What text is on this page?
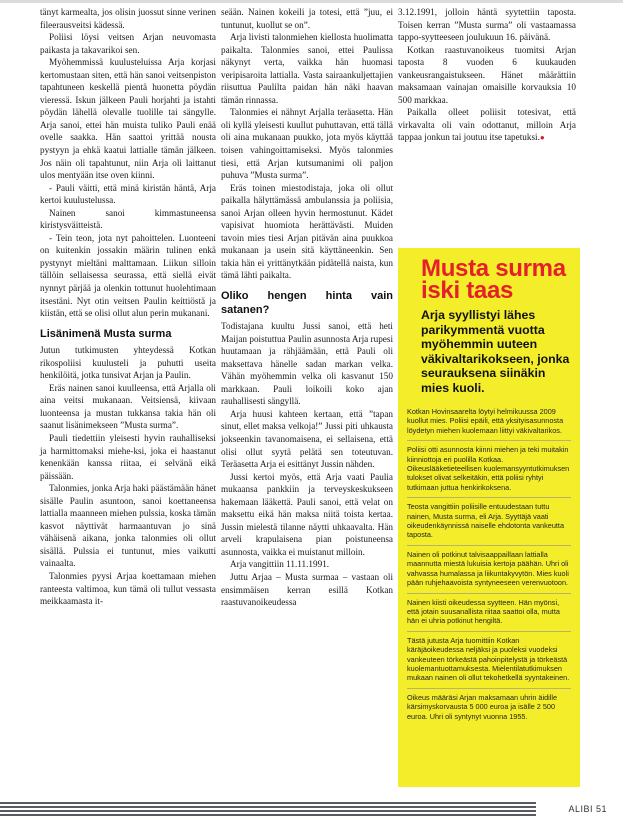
tänyt karmealta, jos olisin juossut sinne verinen fileerausveitsi kädessä.

Poliisi löysi veitsen Arjan neuvomasta paikasta ja takavarikoi sen.

Myöhemmissä kuulusteluissa Arja korjasi kertomustaan siten, että hän sanoi veitsenpiston tapahtuneen keskellä pientä huonetta pöydän vieressä. Iskun jälkeen Pauli horjahti ja istahti pöydän lähellä olevalle tuolille tai sängylle. Arja sanoi, ettei hän muista tuliko Pauli enää ovelle saakka. Hän saattoi yrittää nousta pystyyn ja ehkä kaatui lattialle tämän jälkeen. Jos näin oli tapahtunut, niin Arja oli laittanut ulos mentyään itse oven kiinni.

- Pauli väitti, että minä kiristän häntä, Arja kertoi kuulustelussa.

Nainen sanoi kimmastuneensa kiristysväitteistä.

- Tein teon, jota nyt pahoittelen. Luonteeni on kuitenkin jossakin määrin tulinen enkä pystynyt mieltäni malttamaan. Liikun silloin tällöin sellaisessa seurassa, että siellä eivät nynnyt pärjää ja olenkin tottunut huolehtimaan itsestäni. Nyt otin veitsen Paulin keittiöstä ja kiistän, että se olisi ollut alun perin mukanani.

Lisänimenä Musta surma

Jutun tutkimusten yhteydessä Kotkan rikospoliisi kuulusteli ja puhutti useita henkilöitä, jotka tunsivat Arjan ja Paulin.

Eräs nainen sanoi kuulleensa, että Arjalla oli aina veitsi mukanaan. Veitsiensä, kiivaan luonteensa ja mustan tukkansa takia hän oli saanut lisänimekseen ”Musta surma”.

Pauli tiedettiin yleisesti hyvin rauhalliseksi ja harmittomaksi miehe-ksi, joka ei haastanut kenenkään kanssa riitaa, ei selvänä eikä päissään.

Talonmies, jonka Arja haki päästämään hänet sisälle Paulin asuntoon, sanoi koettaneensa lattialla maanneen miehen pulssia, koska tämän kasvot näyttivät harmaantuvan jo sinä vähäisenä aikana, jonka talonmies oli ollut sisällä. Pulssia ei tuntunut, mies vaikutti vainaalta.

Talonmies pyysi Arjaa koettamaan miehen ranteesta valtimoa, kun tämä oli tullut vessasta meikkaamasta it-

seään. Nainen kokeili ja totesi, että ”juu, ei tuntunut, kuollut se on”.

Arja livisti talonmiehen kiellosta huolimatta paikalta. Talonmies sanoi, ettei Paulissa näkynyt verta, vaikka hän huomasi veripisaroita lattialla. Vasta sairaankuljettajien riisuttua Paulilta paidan hän näki haavan tämän rinnassa.

Talonmies ei nähnyt Arjalla teräasetta. Hän oli kyllä yleisesti kuullut puhuttavan, että tällä oli aina mukanaan puukko, jota myös käyttää toisen vahingoittamiseksi. Myös talonmies tiesi, että Arjan kutsumanimi oli paljon puhuva ”Musta surma”.

Eräs toinen miestodistaja, joka oli ollut paikalla hälyttämässä ambulanssia ja poliisia, sanoi Arjan olleen hyvin hermostunut. Kädet vapisivat huomiota herättävästi. Muiden tavoin mies tiesi Arjan pitävän aina puukkoa mukanaan ja usein sitä käyttäneenkin. Sen takia hän ei yrittänytkään pidätellä naista, kun tämä lähti paikalta.

Oliko hengen hinta vain satanen?

Todistajana kuultu Jussi sanoi, että heti Maijan poistuttua Paulin asunnosta Arja rupesi huutamaan ja rähjäämään, että Pauli oli maksettava hänelle sadan markan velka. Vähän myöhemmin velka oli kasvanut 150 markkaan. Pauli loikoili koko ajan rauhallisesti sängyllä.

Arja huusi kahteen kertaan, että ”tapan sinut, ellet maksa velkoja!” Jussi piti uhkausta jokseenkin tavanomaisena, ei sellaisena, että olisi ollut syytä pelätä sen toteutuvan. Teräasetta Arja ei esittänyt Jussin nähden.

Jussi kertoi myös, että Arja vaati Paulia mukaansa pankkiin ja terveyskeskukseen hakemaan lääkettä. Pauli sanoi, että velat on maksettu eikä hän maksa niitä toista kertaa. Jussin mielestä tilanne näytti uhkaavalta. Hän arveli krapulaisena pian poistuneensa asunnosta, vaikka ei muistanut milloin.

Arja vangittiin 11.11.1991.

Juttu Arjaa – Musta surmaa – vastaan oli ensimmäisen kerran esillä Kotkan raastuvanoikeudessa

3.12.1991, jolloin häntä syytettiin taposta. Toisen kerran ”Musta surma” oli vastaamassa tappo-syytteeseen joulukuun 16. päivänä.

Kotkan raastuvanoikeus tuomitsi Arjan taposta 8 vuoden 6 kuukauden vankeusrangaistukseen. Hänet määrättiin maksamaan vainajan omaisille korvauksia 10 500 markkaa.

Paikalla olleet poliisit totesivat, että virkavalta oli vain odottanut, milloin Arja tappaa jonkun tai joutuu itse tapetuksi.●

Musta surma iski taas
Arja syyllistyi lähes parikymmentä vuotta myöhemmin uuteen väkivaltarikokseen, jonka seurauksena siinäkin mies kuoli.

Kotkan Hovinsaarelta löytyi helmikuussa 2009 kuollut mies. Poliisi epäili, että yksityisasunnosta löydetyn miehen kuolemaan liittyi väkivaltarikos.

Poliisi otti asunnosta kiinni miehen ja teki muitakin kiinniottoja eri puolilla Kotkaa. Oikeuslääketieteellisen kuolemansyyntutkimuksen tulokset olivat selkeitäkin, että poliisi ryhtyi tutkimaan juttua henkirikoksena.

Teosta vangittiin poliisille entuudestaan tuttu nainen, Musta surma, eli Arja. Syyttäjä vaati oikeudenkäynnissä naiselle ehdotonta vankeutta taposta.

Nainen oli potkinut talvisaappaillaan lattialla maannutta miestä lukuisia kertoja päähän. Uhri oli vahvassa humalassa ja liikuntakyvytön. Mies kuoli pään ruhjehaavoista syntyneeseen verenvuotoon.

Nainen kiisti oikeudessa syytteen. Hän myönsi, että jotain suusanallista riitaa saattoi olla, mutta hän ei uhria potkinut hengiltä.

Tästä jutusta Arja tuomittiin Kotkan käräjäoikeudessa neljäksi ja puoleksi vuodeksi vankeuteen törkeästä pahoinpitelystä ja törkeästä kuolemantuottamuksesta. Mielentilatutkimuksen mukaan nainen oli ollut tekohetkellä syyntakeinen.

Oikeus määräsi Arjan maksamaan uhrin äidille kärsimyskorvausta 5 000 euroa ja isälle 2 500 euroa. Uhri oli syntynyt vuonna 1955.

ALIBI 51
